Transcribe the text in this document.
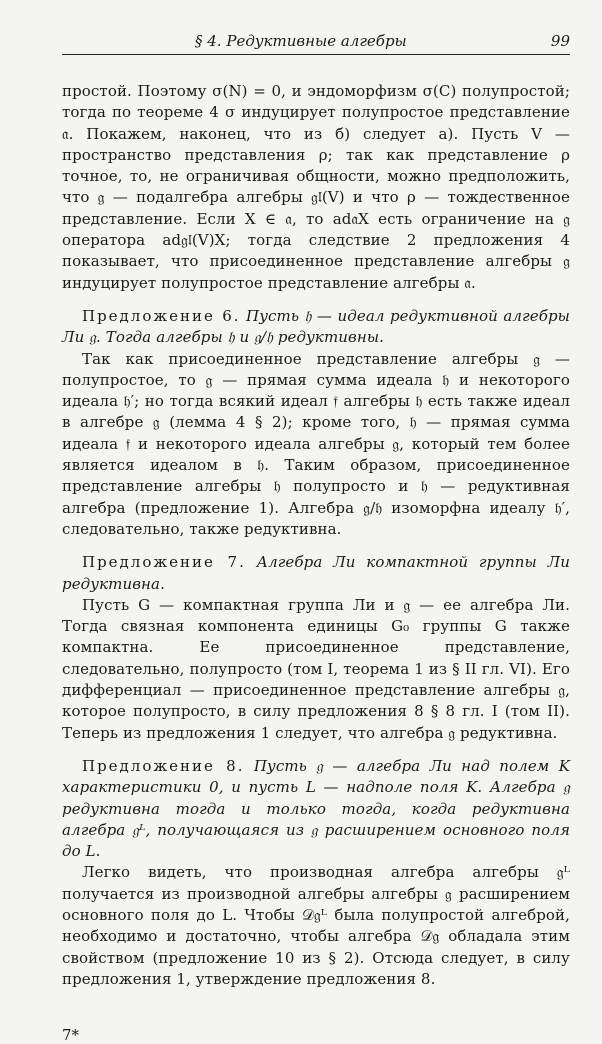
§ 4. Редуктивные алгебры	99

простой. Поэтому σ(N) = 0, и эндоморфизм σ(C) полупростой; тогда по теореме 4 σ индуцирует полупростое представление 𝔞. Покажем, наконец, что из б) следует а). Пусть V — пространство представления ρ; так как представление ρ точное, то, не ограничивая общности, можно предположить, что 𝔤 — подалгебра алгебры 𝔤𝔩(V) и что ρ — тождественное представление. Если X ∈ 𝔞, то ad𝔞X есть ограничение на 𝔤 оператора ad𝔤𝔩(V)X; тогда следствие 2 предложения 4 показывает, что присоединенное представление алгебры 𝔤 индуцирует полупростое представление алгебры 𝔞.

Предложение 6. Пусть 𝔥 — идеал редуктивной алгебры Ли 𝔤. Тогда алгебры 𝔥 и 𝔤/𝔥 редуктивны.

Так как присоединенное представление алгебры 𝔤 — полупростое, то 𝔤 — прямая сумма идеала 𝔥 и некоторого идеала 𝔥′; но тогда всякий идеал 𝔣 алгебры 𝔥 есть также идеал в алгебре 𝔤 (лемма 4 § 2); кроме того, 𝔥 — прямая сумма идеала 𝔣 и некоторого идеала алгебры 𝔤, который тем более является идеалом в 𝔥. Таким образом, присоединенное представление алгебры 𝔥 полупросто и 𝔥 — редуктивная алгебра (предложение 1). Алгебра 𝔤/𝔥 изоморфна идеалу 𝔥′, следовательно, также редуктивна.

Предложение 7. Алгебра Ли компактной группы Ли редуктивна.

Пусть G — компактная группа Ли и 𝔤 — ее алгебра Ли. Тогда связная компонента единицы G₀ группы G также компактна. Ее присоединенное представление, следовательно, полупросто (том I, теорема 1 из § II гл. VI). Его дифференциал — присоединенное представление алгебры 𝔤, которое полупросто, в силу предложения 8 § 8 гл. I (том II). Теперь из предложения 1 следует, что алгебра 𝔤 редуктивна.

Предложение 8. Пусть 𝔤 — алгебра Ли над полем K характеристики 0, и пусть L — надполе поля K. Алгебра 𝔤 редуктивна тогда и только тогда, когда редуктивна алгебра 𝔤ᴸ, получающаяся из 𝔤 расширением основного поля до L.

Легко видеть, что производная алгебра алгебры 𝔤ᴸ получается из производной алгебры алгебры 𝔤 расширением основного поля до L. Чтобы 𝒟𝔤ᴸ была полупростой алгеброй, необходимо и достаточно, чтобы алгебра 𝒟𝔤 обладала этим свойством (предложение 10 из § 2). Отсюда следует, в силу предложения 1, утверждение предложения 8.

7*
